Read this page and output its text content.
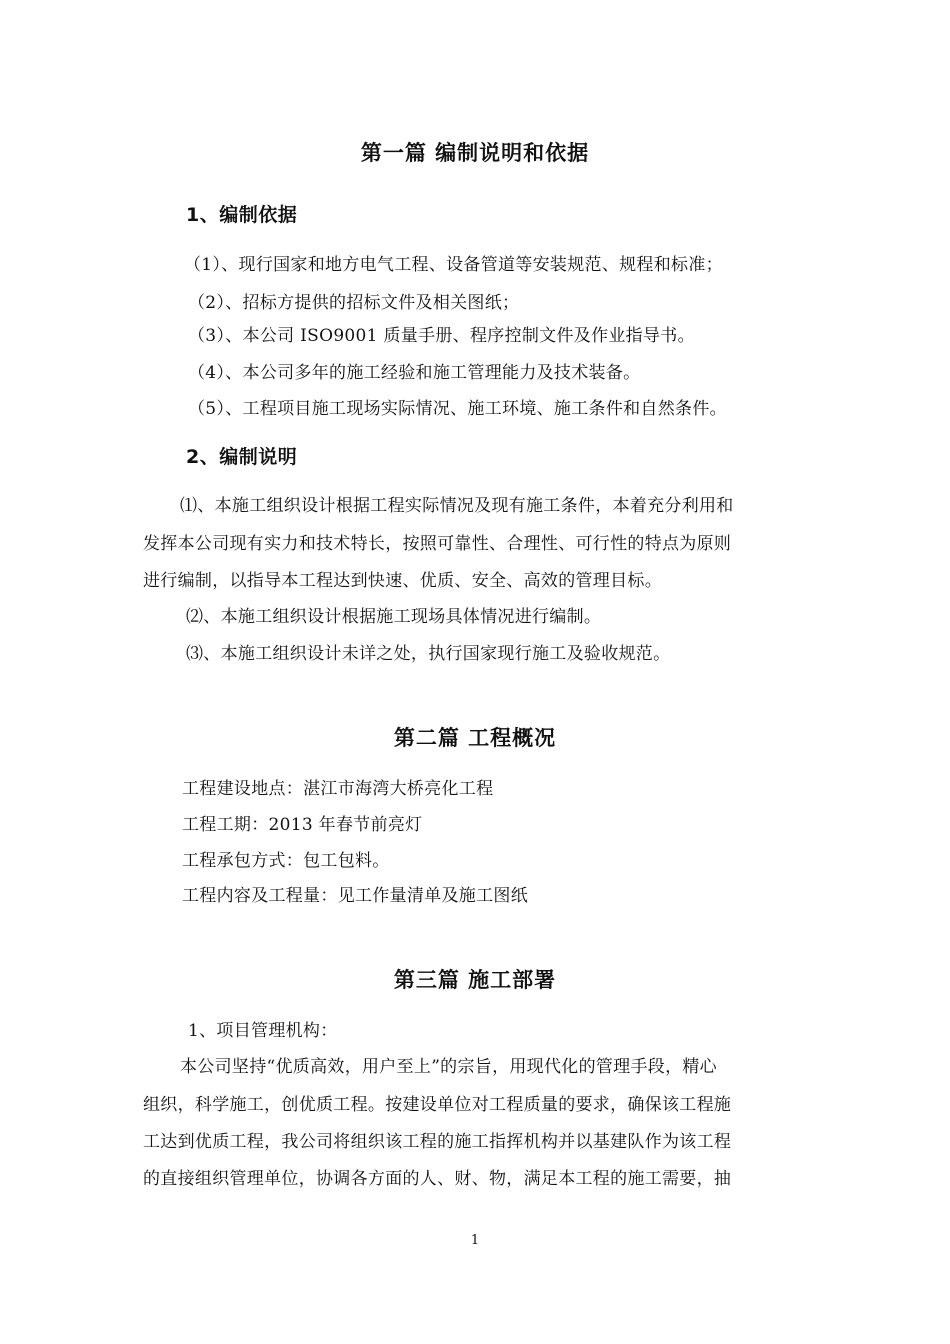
第一篇 编制说明和依据
1、编制依据
（1）、现行国家和地方电气工程、设备管道等安装规范、规程和标准；
（2）、招标方提供的招标文件及相关图纸；
（3）、本公司 ISO9001 质量手册、程序控制文件及作业指导书。
（4）、本公司多年的施工经验和施工管理能力及技术装备。
（5）、工程项目施工现场实际情况、施工环境、施工条件和自然条件。
2、编制说明
⑴、本施工组织设计根据工程实际情况及现有施工条件，本着充分利用和
发挥本公司现有实力和技术特长，按照可靠性、合理性、可行性的特点为原则
进行编制，以指导本工程达到快速、优质、安全、高效的管理目标。
⑵、本施工组织设计根据施工现场具体情况进行编制。
⑶、本施工组织设计未详之处，执行国家现行施工及验收规范。
第二篇 工程概况
工程建设地点：湛江市海湾大桥亮化工程
工程工期：2013 年春节前亮灯
工程承包方式：包工包料。
工程内容及工程量：见工作量清单及施工图纸
第三篇 施工部署
1、项目管理机构：
本公司坚持“优质高效，用户至上”的宗旨，用现代化的管理手段，精心
组织，科学施工，创优质工程。按建设单位对工程质量的要求，确保该工程施
工达到优质工程，我公司将组织该工程的施工指挥机构并以基建队作为该工程
的直接组织管理单位，协调各方面的人、财、物，满足本工程的施工需要，抽
1
